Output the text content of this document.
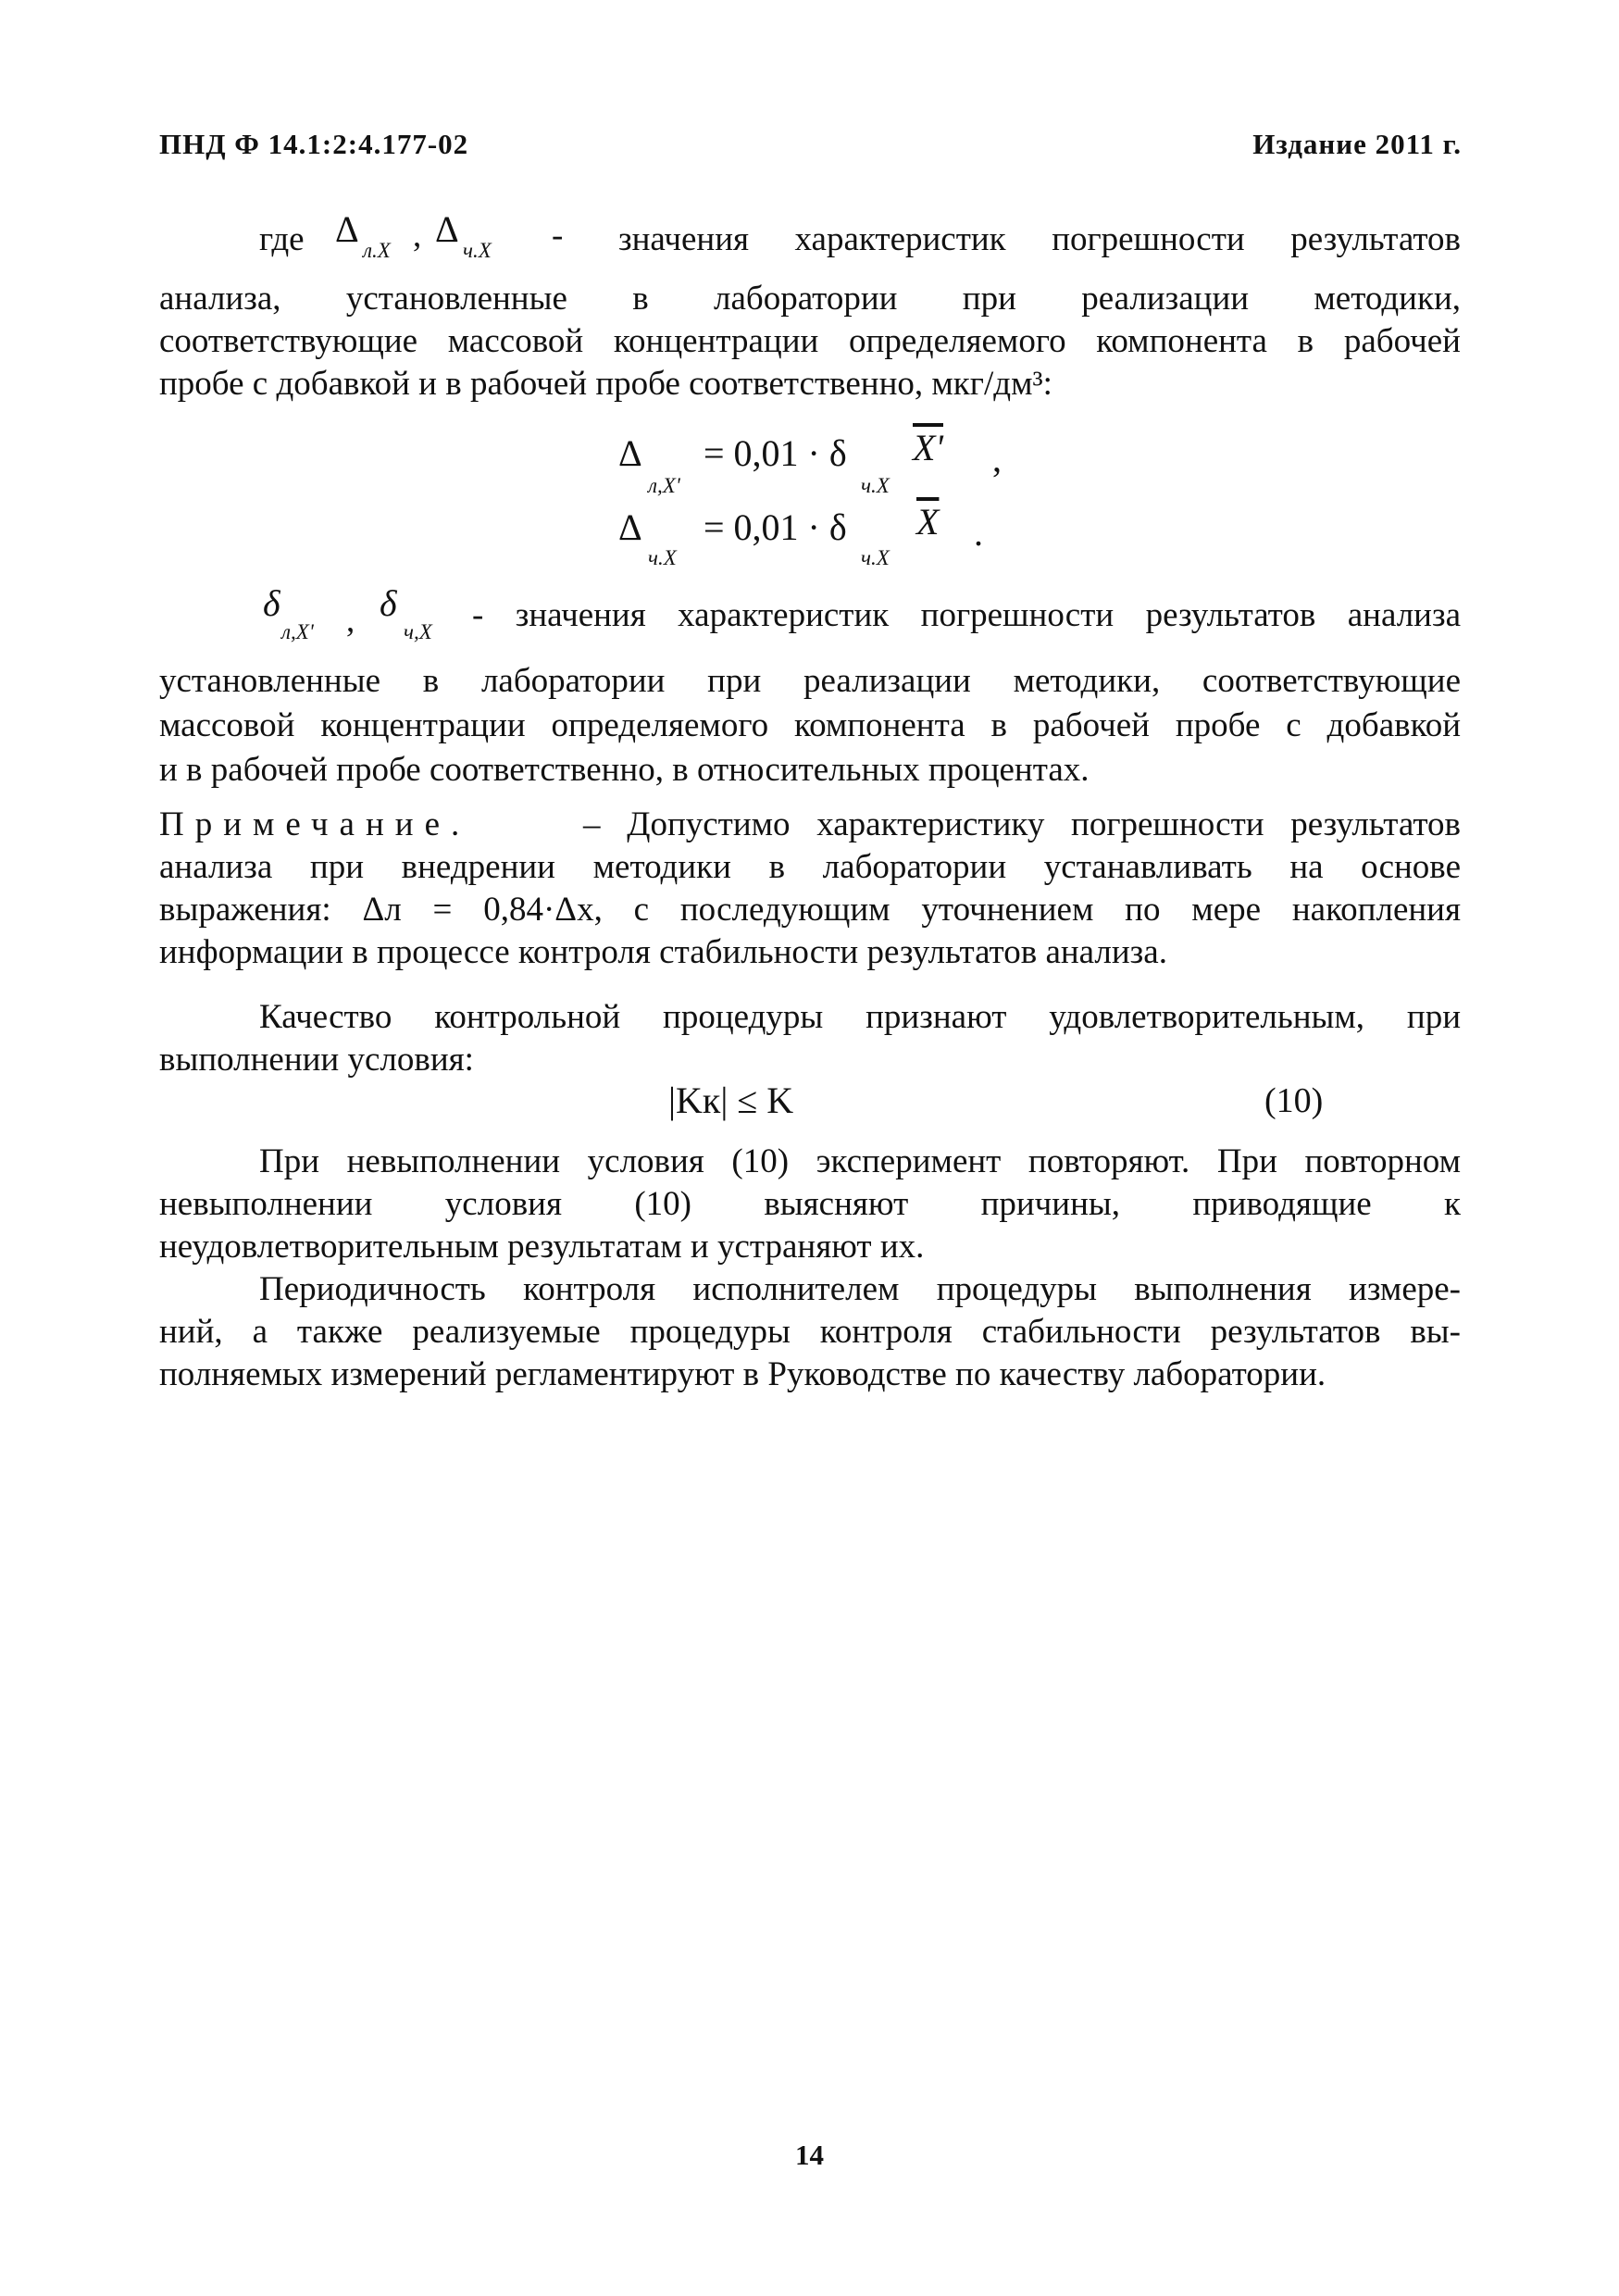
ПНД Ф 14.1:2:4.177-02	Издание 2011 г.
где Δ
л.X , Δ
ч.X - значения характеристик погрешности результатов
анализа, установленные в лаборатории при реализации методики,
соответствующие массовой концентрации определяемого компонента в рабочей
пробе с добавкой и в рабочей пробе соответственно, мкг/дм³:
Δ
л,X'
= 0,01 · δ
ч.X
X' ,
Δ
ч.X
= 0,01 · δ
ч.X
$\overline{X}$ .
δ
л,X' , δ
ч,X - значения характеристик погрешности результатов анализа
установленные в лаборатории при реализации методики, соответствующие
массовой концентрации определяемого компонента в рабочей пробе с добавкой
и в рабочей пробе соответственно, в относительных процентах.
Примечание.	– Допустимо характеристику погрешности результатов
анализа при внедрении методики в лаборатории устанавливать на основе
выражения: Δл = 0,84·Δх, с последующим уточнением по мере накопления
информации в процессе контроля стабильности результатов анализа.
Качество контрольной процедуры признают удовлетворительным, при
выполнении условия:
|Kк| ≤ K	(10)
При невыполнении условия (10) эксперимент повторяют. При повторном
невыполнении условия (10) выясняют причины, приводящие к
неудовлетворительным результатам и устраняют их.
Периодичность контроля исполнителем процедуры выполнения измере-
ний, а также реализуемые процедуры контроля стабильности результатов вы-
полняемых измерений регламентируют в Руководстве по качеству лаборатории.
14
